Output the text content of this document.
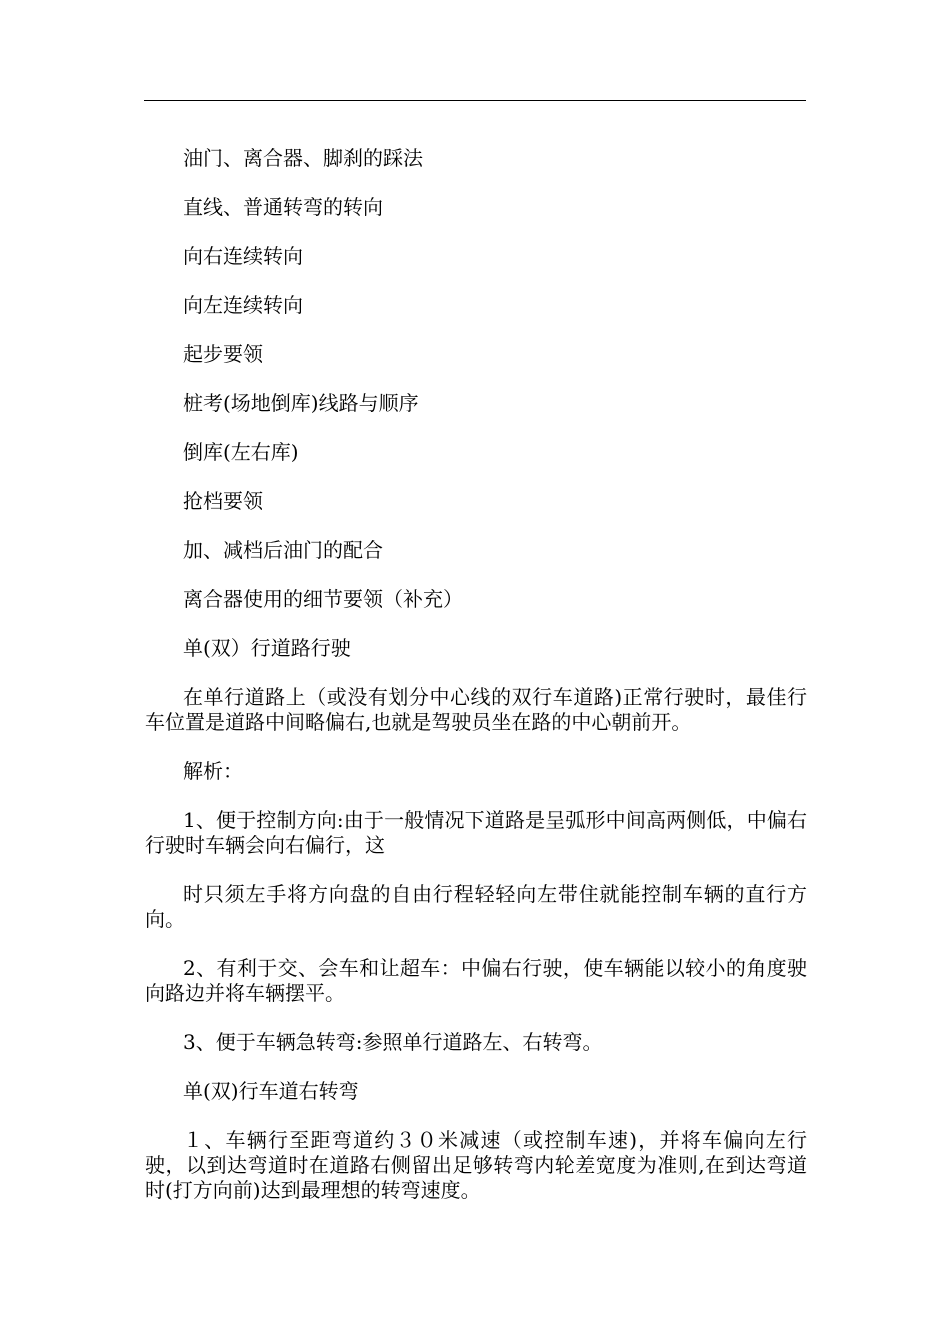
油门、离合器、脚刹的踩法

直线、普通转弯的转向

向右连续转向

向左连续转向

起步要领

桩考(场地倒库)线路与顺序

倒库(左右库)

抢档要领

加、减档后油门的配合

离合器使用的细节要领（补充）

单(双）行道路行驶

在单行道路上（或没有划分中心线的双行车道路)正常行驶时，最佳行车位置是道路中间略偏右,也就是驾驶员坐在路的中心朝前开。

解析：

1、便于控制方向:由于一般情况下道路是呈弧形中间高两侧低，中偏右行驶时车辆会向右偏行，这

时只须左手将方向盘的自由行程轻轻向左带住就能控制车辆的直行方向。

2、有利于交、会车和让超车：中偏右行驶，使车辆能以较小的角度驶向路边并将车辆摆平。

3、便于车辆急转弯:参照单行道路左、右转弯。

单(双)行车道右转弯

１、车辆行至距弯道约３０米减速（或控制车速)，并将车偏向左行驶，以到达弯道时在道路右侧留出足够转弯内轮差宽度为准则,在到达弯道时(打方向前)达到最理想的转弯速度。
